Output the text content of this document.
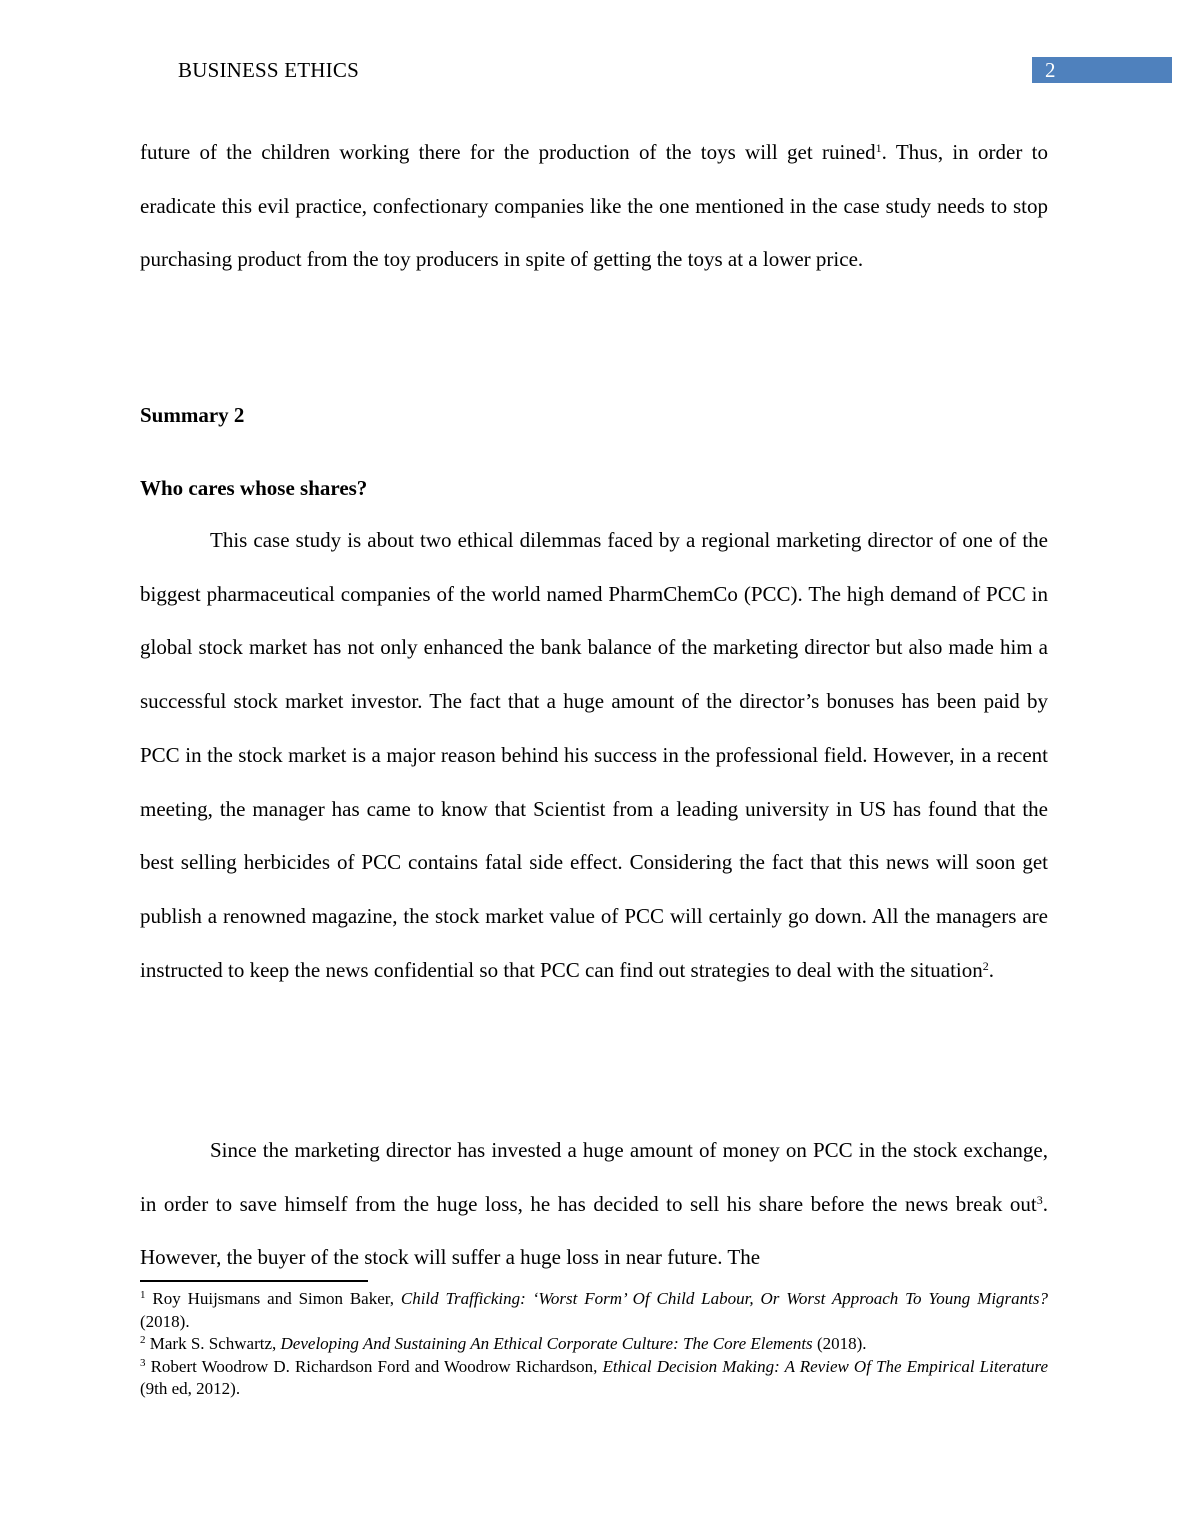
BUSINESS ETHICS	2

future of the children working there for the production of the toys will get ruined$^1$. Thus, in order to eradicate this evil practice, confectionary companies like the one mentioned in the case study needs to stop purchasing product from the toy producers in spite of getting the toys at a lower price.

Summary 2

Who cares whose shares?

This case study is about two ethical dilemmas faced by a regional marketing director of one of the biggest pharmaceutical companies of the world named PharmChemCo (PCC). The high demand of PCC in global stock market has not only enhanced the bank balance of the marketing director but also made him a successful stock market investor. The fact that a huge amount of the director’s bonuses has been paid by PCC in the stock market is a major reason behind his success in the professional field. However, in a recent meeting, the manager has came to know that Scientist from a leading university in US has found that the best selling herbicides of PCC contains fatal side effect. Considering the fact that this news will soon get publish a renowned magazine, the stock market value of PCC will certainly go down. All the managers are instructed to keep the news confidential so that PCC can find out strategies to deal with the situation$^2$.

Since the marketing director has invested a huge amount of money on PCC in the stock exchange, in order to save himself from the huge loss, he has decided to sell his share before the news break out$^3$. However, the buyer of the stock will suffer a huge loss in near future. The

$^1$ Roy Huijsmans and Simon Baker, Child Trafficking: ‘Worst Form’ Of Child Labour, Or Worst Approach To Young Migrants? (2018).

$^2$ Mark S. Schwartz, Developing And Sustaining An Ethical Corporate Culture: The Core Elements (2018).

$^3$ Robert Woodrow D. Richardson Ford and Woodrow Richardson, Ethical Decision Making: A Review Of The Empirical Literature (9th ed, 2012).
